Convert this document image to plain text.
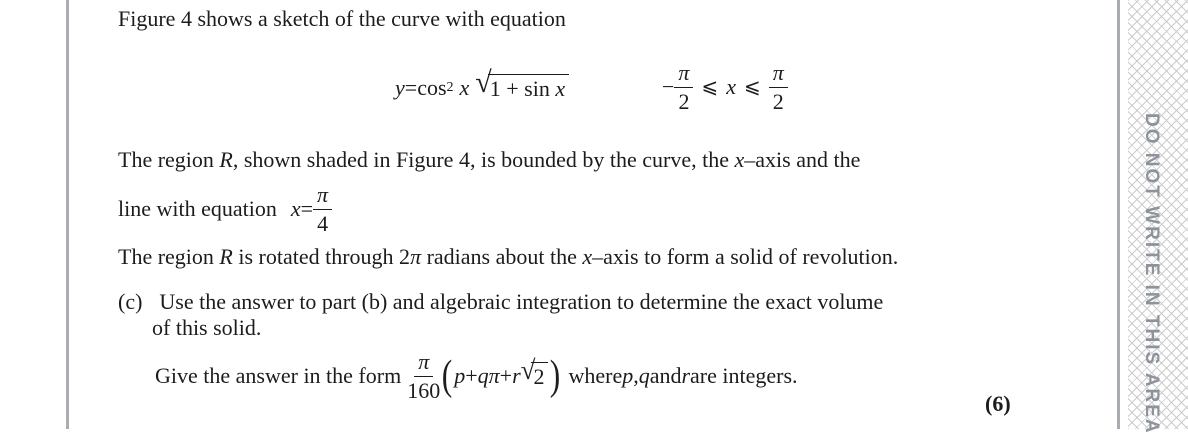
DO NOT WRITE IN THIS AREA
Figure 4 shows a sketch of the curve with equation
y = cos 2 x √
1 + sin x	− $\frac{\pi}{2}$ ⩽ x ⩽ $\frac{\pi}{2}$
The region R, shown shaded in Figure 4, is bounded by the curve, the x–axis and the
line with equation $x = \frac{\pi}{4}$
The region R is rotated through 2π radians about the x–axis to form a solid of revolution.
(c) Use the answer to part (b) and algebraic integration to determine the exact volume
of this solid.
Give the answer in the form $\frac{\pi}{160}$ ( p + q π + r √
2 ) where p , q and r are integers.
(6)
